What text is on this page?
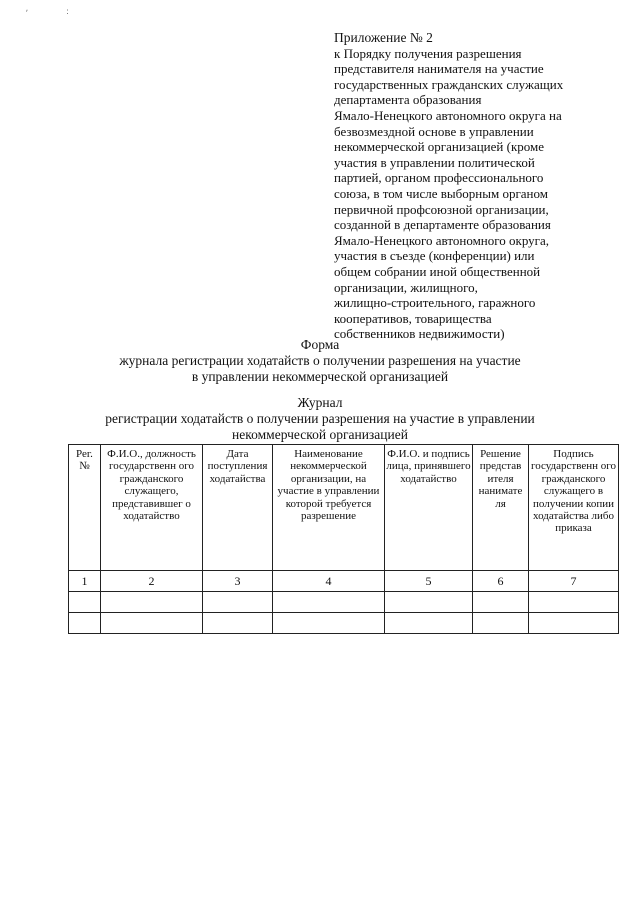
ʹ ˸
Приложение № 2
к Порядку получения разрешения
представителя нанимателя на участие
государственных гражданских служащих
департамента образования
Ямало-Ненецкого автономного округа на
безвозмездной основе в управлении
некоммерческой организацией (кроме
участия в управлении политической
партией, органом профессионального
союза, в том числе выборным органом
первичной профсоюзной организации,
созданной в департаменте образования
Ямало-Ненецкого автономного округа,
участия в съезде (конференции) или
общем собрании иной общественной
организации, жилищного,
жилищно-строительного, гаражного
кооперативов, товарищества
собственников недвижимости)
Форма
журнала регистрации ходатайств о получении разрешения на участие
в управлении некоммерческой организацией
Журнал
регистрации ходатайств о получении разрешения на участие в управлении
некоммерческой организацией
Рег. №	Ф.И.О., должность государственн ого гражданского служащего, представившег о ходатайство	Дата поступления ходатайства	Наименование некоммерческой организации, на участие в управлении которой требуется разрешение	Ф.И.О. и подпись лица, принявшего ходатайство	Решение представ ителя нанимате ля	Подпись государственн ого гражданского служащего в получении копии ходатайства либо приказа
1	2	3	4	5	6	7
